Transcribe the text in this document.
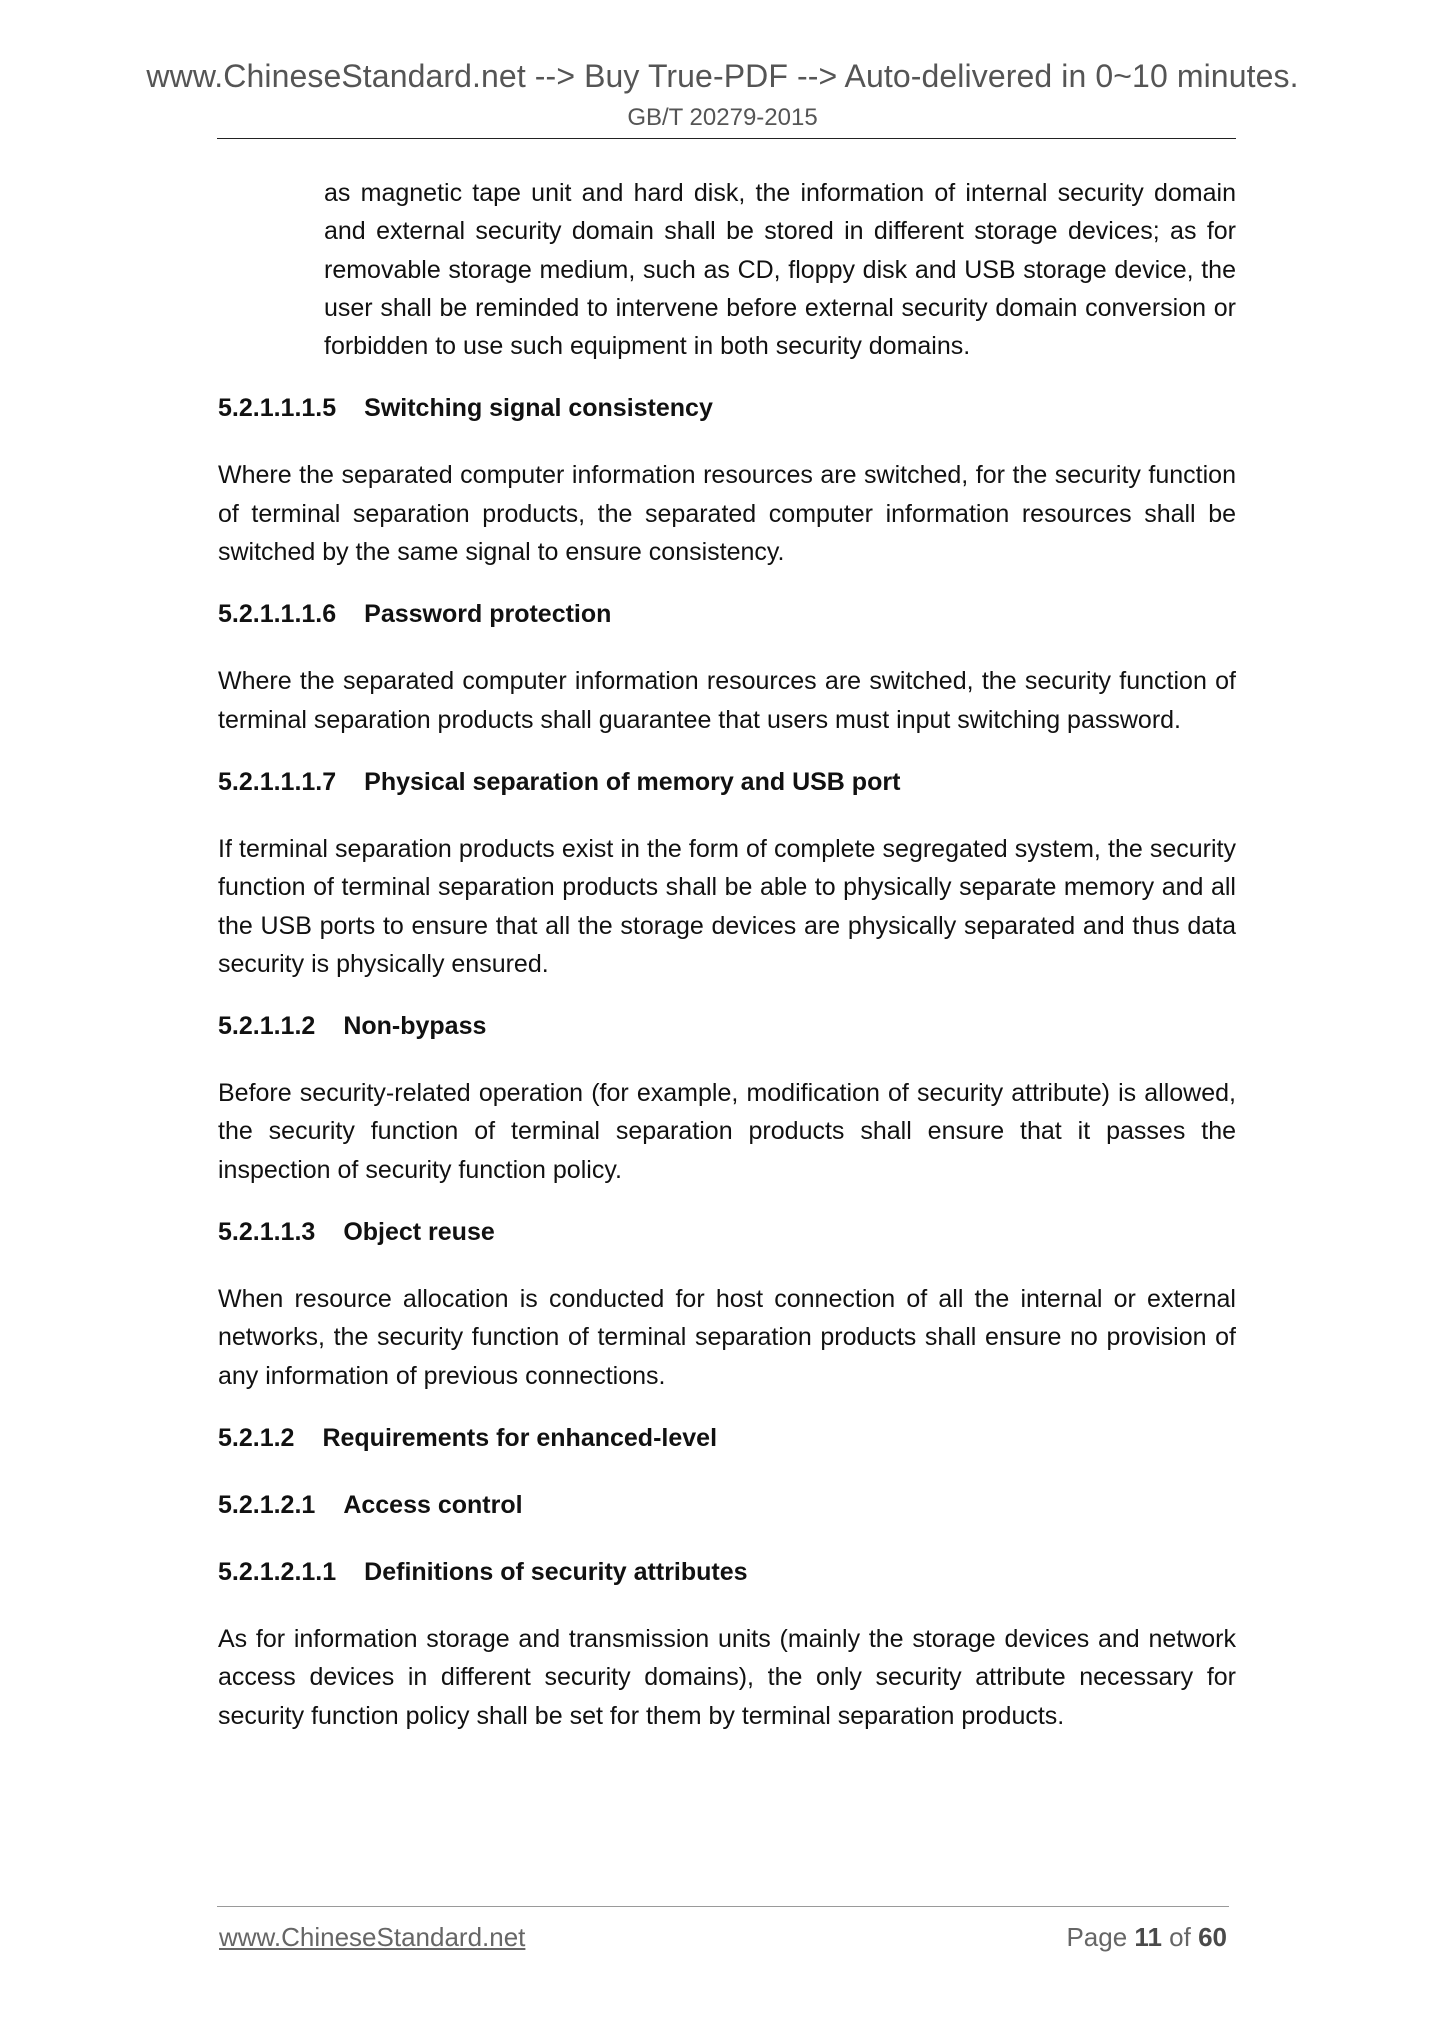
www.ChineseStandard.net --> Buy True-PDF --> Auto-delivered in 0~10 minutes.
GB/T 20279-2015

as magnetic tape unit and hard disk, the information of internal security domain and external security domain shall be stored in different storage devices; as for removable storage medium, such as CD, floppy disk and USB storage device, the user shall be reminded to intervene before external security domain conversion or forbidden to use such equipment in both security domains.

5.2.1.1.1.5 Switching signal consistency

Where the separated computer information resources are switched, for the security function of terminal separation products, the separated computer information resources shall be switched by the same signal to ensure consistency.

5.2.1.1.1.6 Password protection

Where the separated computer information resources are switched, the security function of terminal separation products shall guarantee that users must input switching password.

5.2.1.1.1.7 Physical separation of memory and USB port

If terminal separation products exist in the form of complete segregated system, the security function of terminal separation products shall be able to physically separate memory and all the USB ports to ensure that all the storage devices are physically separated and thus data security is physically ensured.

5.2.1.1.2 Non-bypass

Before security-related operation (for example, modification of security attribute) is allowed, the security function of terminal separation products shall ensure that it passes the inspection of security function policy.

5.2.1.1.3 Object reuse

When resource allocation is conducted for host connection of all the internal or external networks, the security function of terminal separation products shall ensure no provision of any information of previous connections.

5.2.1.2 Requirements for enhanced-level

5.2.1.2.1 Access control

5.2.1.2.1.1 Definitions of security attributes

As for information storage and transmission units (mainly the storage devices and network access devices in different security domains), the only security attribute necessary for security function policy shall be set for them by terminal separation products.

www.ChineseStandard.net	Page 11 of 60
